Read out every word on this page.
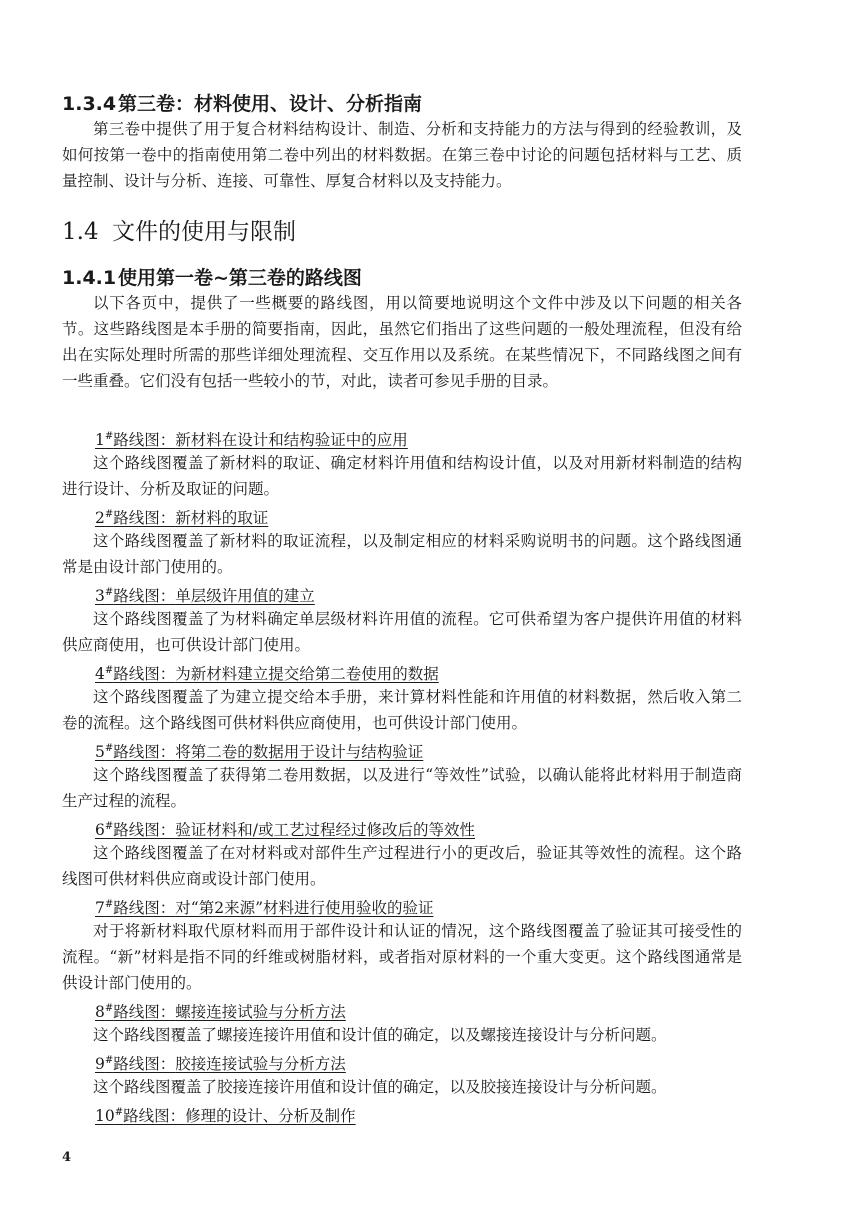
1.3.4第三卷：材料使用、设计、分析指南

第三卷中提供了用于复合材料结构设计、制造、分析和支持能力的方法与得到的经验教训，及如何按第一卷中的指南使用第二卷中列出的材料数据。在第三卷中讨论的问题包括材料与工艺、质量控制、设计与分析、连接、可靠性、厚复合材料以及支持能力。

1.4 文件的使用与限制
1.4.1使用第一卷~第三卷的路线图

以下各页中，提供了一些概要的路线图，用以简要地说明这个文件中涉及以下问题的相关各节。这些路线图是本手册的简要指南，因此，虽然它们指出了这些问题的一般处理流程，但没有给出在实际处理时所需的那些详细处理流程、交互作用以及系统。在某些情况下，不同路线图之间有一些重叠。它们没有包括一些较小的节，对此，读者可参见手册的目录。

1#路线图：新材料在设计和结构验证中的应用

这个路线图覆盖了新材料的取证、确定材料许用值和结构设计值，以及对用新材料制造的结构进行设计、分析及取证的问题。

2#路线图：新材料的取证

这个路线图覆盖了新材料的取证流程，以及制定相应的材料采购说明书的问题。这个路线图通常是由设计部门使用的。

3#路线图：单层级许用值的建立

这个路线图覆盖了为材料确定单层级材料许用值的流程。它可供希望为客户提供许用值的材料供应商使用，也可供设计部门使用。

4#路线图：为新材料建立提交给第二卷使用的数据

这个路线图覆盖了为建立提交给本手册，来计算材料性能和许用值的材料数据，然后收入第二卷的流程。这个路线图可供材料供应商使用，也可供设计部门使用。

5#路线图：将第二卷的数据用于设计与结构验证

这个路线图覆盖了获得第二卷用数据，以及进行“等效性”试验，以确认能将此材料用于制造商生产过程的流程。

6#路线图：验证材料和/或工艺过程经过修改后的等效性

这个路线图覆盖了在对材料或对部件生产过程进行小的更改后，验证其等效性的流程。这个路线图可供材料供应商或设计部门使用。

7#路线图：对“第2来源”材料进行使用验收的验证

对于将新材料取代原材料而用于部件设计和认证的情况，这个路线图覆盖了验证其可接受性的流程。“新”材料是指不同的纤维或树脂材料，或者指对原材料的一个重大变更。这个路线图通常是供设计部门使用的。

8#路线图：螺接连接试验与分析方法

这个路线图覆盖了螺接连接许用值和设计值的确定，以及螺接连接设计与分析问题。

9#路线图：胶接连接试验与分析方法

这个路线图覆盖了胶接连接许用值和设计值的确定，以及胶接连接设计与分析问题。

10#路线图：修理的设计、分析及制作
4
